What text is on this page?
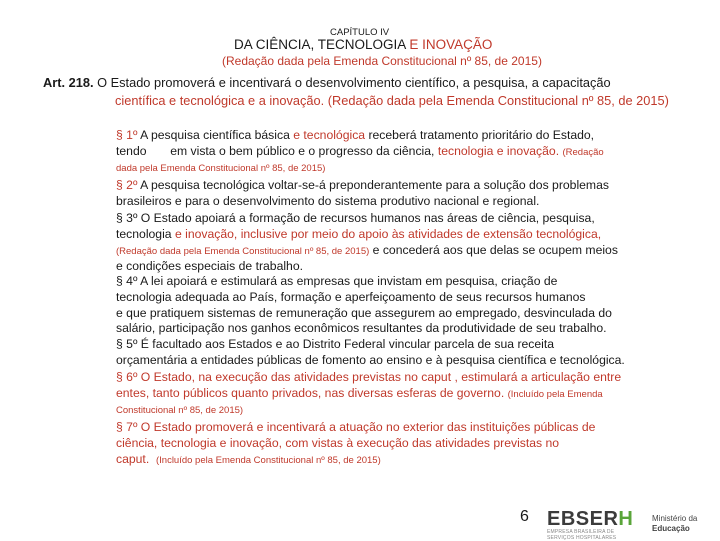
CAPÍTULO IV
DA CIÊNCIA, TECNOLOGIA E INOVAÇÃO
(Redação dada pela Emenda Constitucional nº 85, de 2015)
Art. 218. O Estado promoverá e incentivará o desenvolvimento científico, a pesquisa, a capacitação
científica e tecnológica e a inovação. (Redação dada pela Emenda Constitucional nº 85, de 2015)
§ 1º A pesquisa científica básica e tecnológica receberá tratamento prioritário do Estado,
tendo em vista o bem público e o progresso da ciência, tecnologia e inovação. (Redação
dada pela Emenda Constitucional nº 85, de 2015)
§ 2º A pesquisa tecnológica voltar-se-á preponderantemente para a solução dos problemas
brasileiros e para o desenvolvimento do sistema produtivo nacional e regional.
§ 3º O Estado apoiará a formação de recursos humanos nas áreas de ciência, pesquisa,
tecnologia e inovação, inclusive por meio do apoio às atividades de extensão tecnológica,
(Redação dada pela Emenda Constitucional nº 85, de 2015) e concederá aos que delas se ocupem meios
e condições especiais de trabalho.
§ 4º A lei apoiará e estimulará as empresas que invistam em pesquisa, criação de
tecnologia adequada ao País, formação e aperfeiçoamento de seus recursos humanos
e que pratiquem sistemas de remuneração que assegurem ao empregado, desvinculada do
salário, participação nos ganhos econômicos resultantes da produtividade de seu trabalho.
§ 5º É facultado aos Estados e ao Distrito Federal vincular parcela de sua receita
orçamentária a entidades públicas de fomento ao ensino e à pesquisa científica e tecnológica.
§ 6º O Estado, na execução das atividades previstas no caput , estimulará a articulação entre
entes, tanto públicos quanto privados, nas diversas esferas de governo. (Incluído pela Emenda
Constitucional nº 85, de 2015)
§ 7º O Estado promoverá e incentivará a atuação no exterior das instituições públicas de
ciência, tecnologia e inovação, com vistas à execução das atividades previstas no
caput. (Incluído pela Emenda Constitucional nº 85, de 2015)
6 EBSERH
EMPRESA BRASILEIRA DE SERVIÇOS HOSPITALARES
Ministério da
Educação
